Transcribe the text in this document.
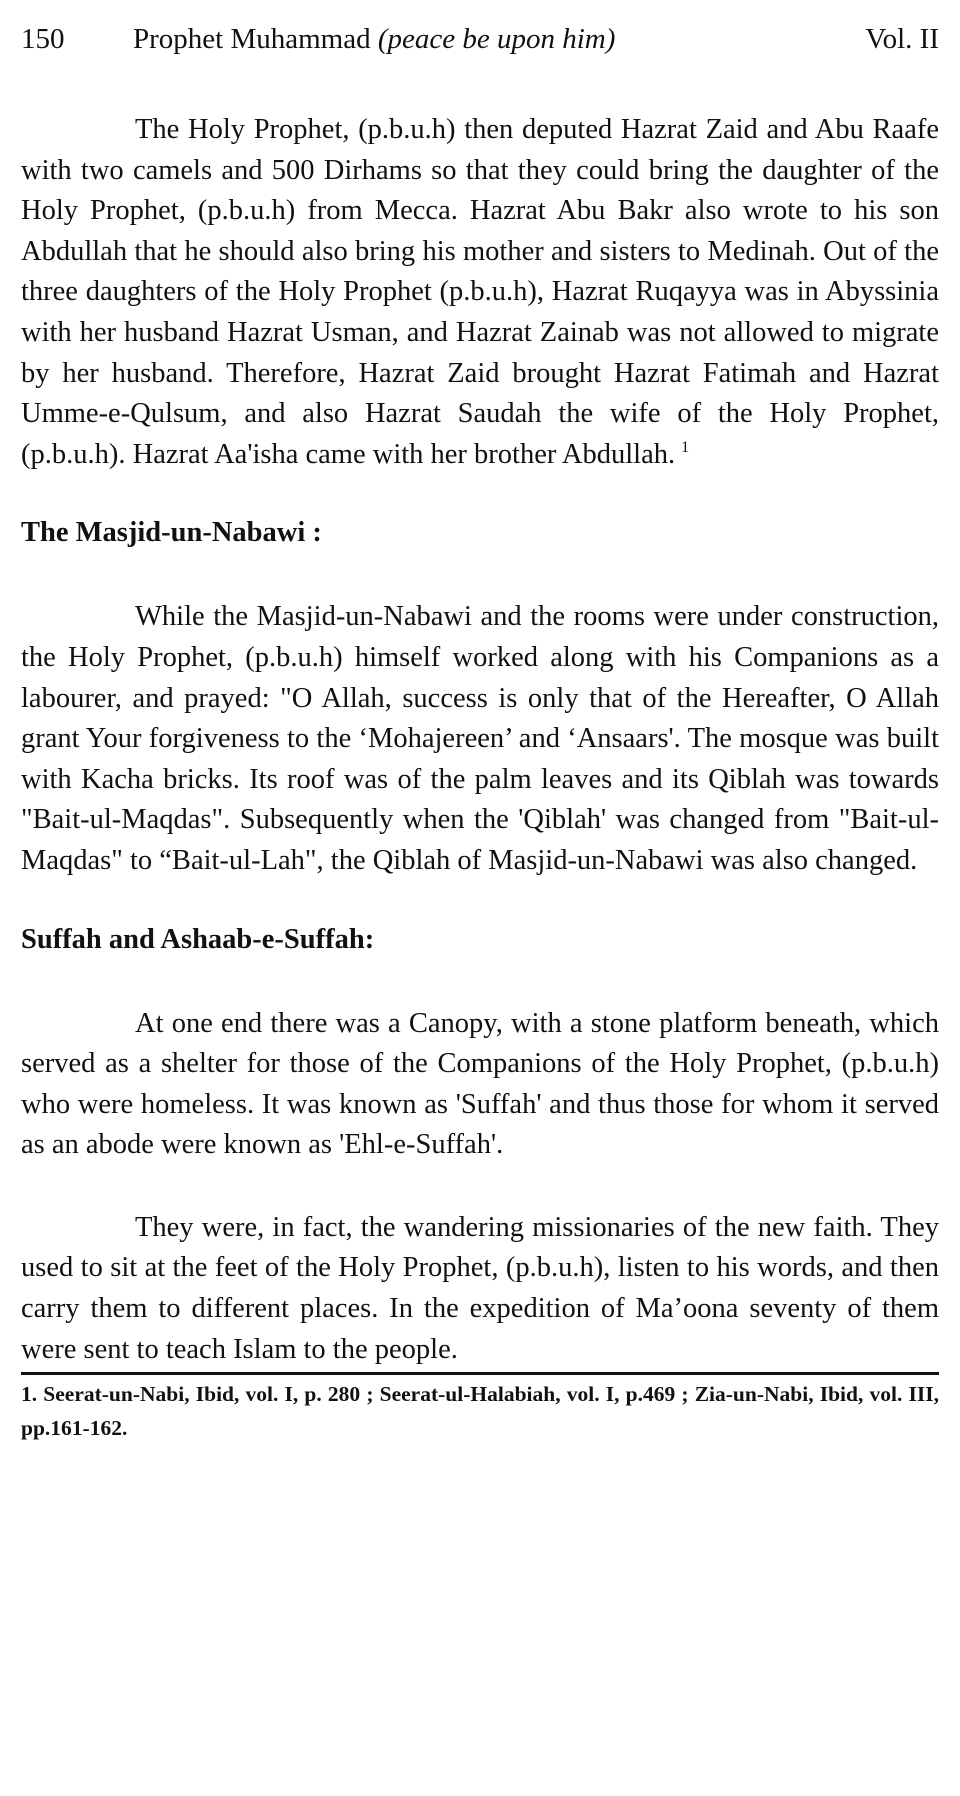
150 Prophet Muhammad (peace be upon him)	Vol. II

The Holy Prophet, (p.b.u.h) then deputed Hazrat Zaid and Abu Raafe with two camels and 500 Dirhams so that they could bring the daughter of the Holy Prophet, (p.b.u.h) from Mecca. Hazrat Abu Bakr also wrote to his son Abdullah that he should also bring his mother and sisters to Medinah. Out of the three daughters of the Holy Prophet (p.b.u.h), Hazrat Ruqayya was in Abyssinia with her husband Hazrat Usman, and Hazrat Zainab was not allowed to migrate by her husband. Therefore, Hazrat Zaid brought Hazrat Fatimah and Hazrat Umme-e-Qulsum, and also Hazrat Saudah the wife of the Holy Prophet, (p.b.u.h). Hazrat Aa'isha came with her brother Abdullah. $^1$

The Masjid-un-Nabawi :

While the Masjid-un-Nabawi and the rooms were under construction, the Holy Prophet, (p.b.u.h) himself worked along with his Companions as a labourer, and prayed: "O Allah, success is only that of the Hereafter, O Allah grant Your forgiveness to the ‘Mohajereen’ and ‘Ansaars'. The mosque was built with Kacha bricks. Its roof was of the palm leaves and its Qiblah was towards "Bait-ul-Maqdas". Subsequently when the 'Qiblah' was changed from "Bait-ul-Maqdas" to “Bait-ul-Lah", the Qiblah of Masjid-un-Nabawi was also changed.

Suffah and Ashaab-e-Suffah:

At one end there was a Canopy, with a stone platform beneath, which served as a shelter for those of the Companions of the Holy Prophet, (p.b.u.h) who were homeless. It was known as 'Suffah' and thus those for whom it served as an abode were known as 'Ehl-e-Suffah'.

They were, in fact, the wandering missionaries of the new faith. They used to sit at the feet of the Holy Prophet, (p.b.u.h), listen to his words, and then carry them to different places. In the expedition of Ma’oona seventy of them were sent to teach Islam to the people.

1. Seerat-un-Nabi, Ibid, vol. I, p. 280 ; Seerat-ul-Halabiah, vol. I, p.469 ; Zia-un-Nabi, Ibid, vol. III, pp.161-162.
